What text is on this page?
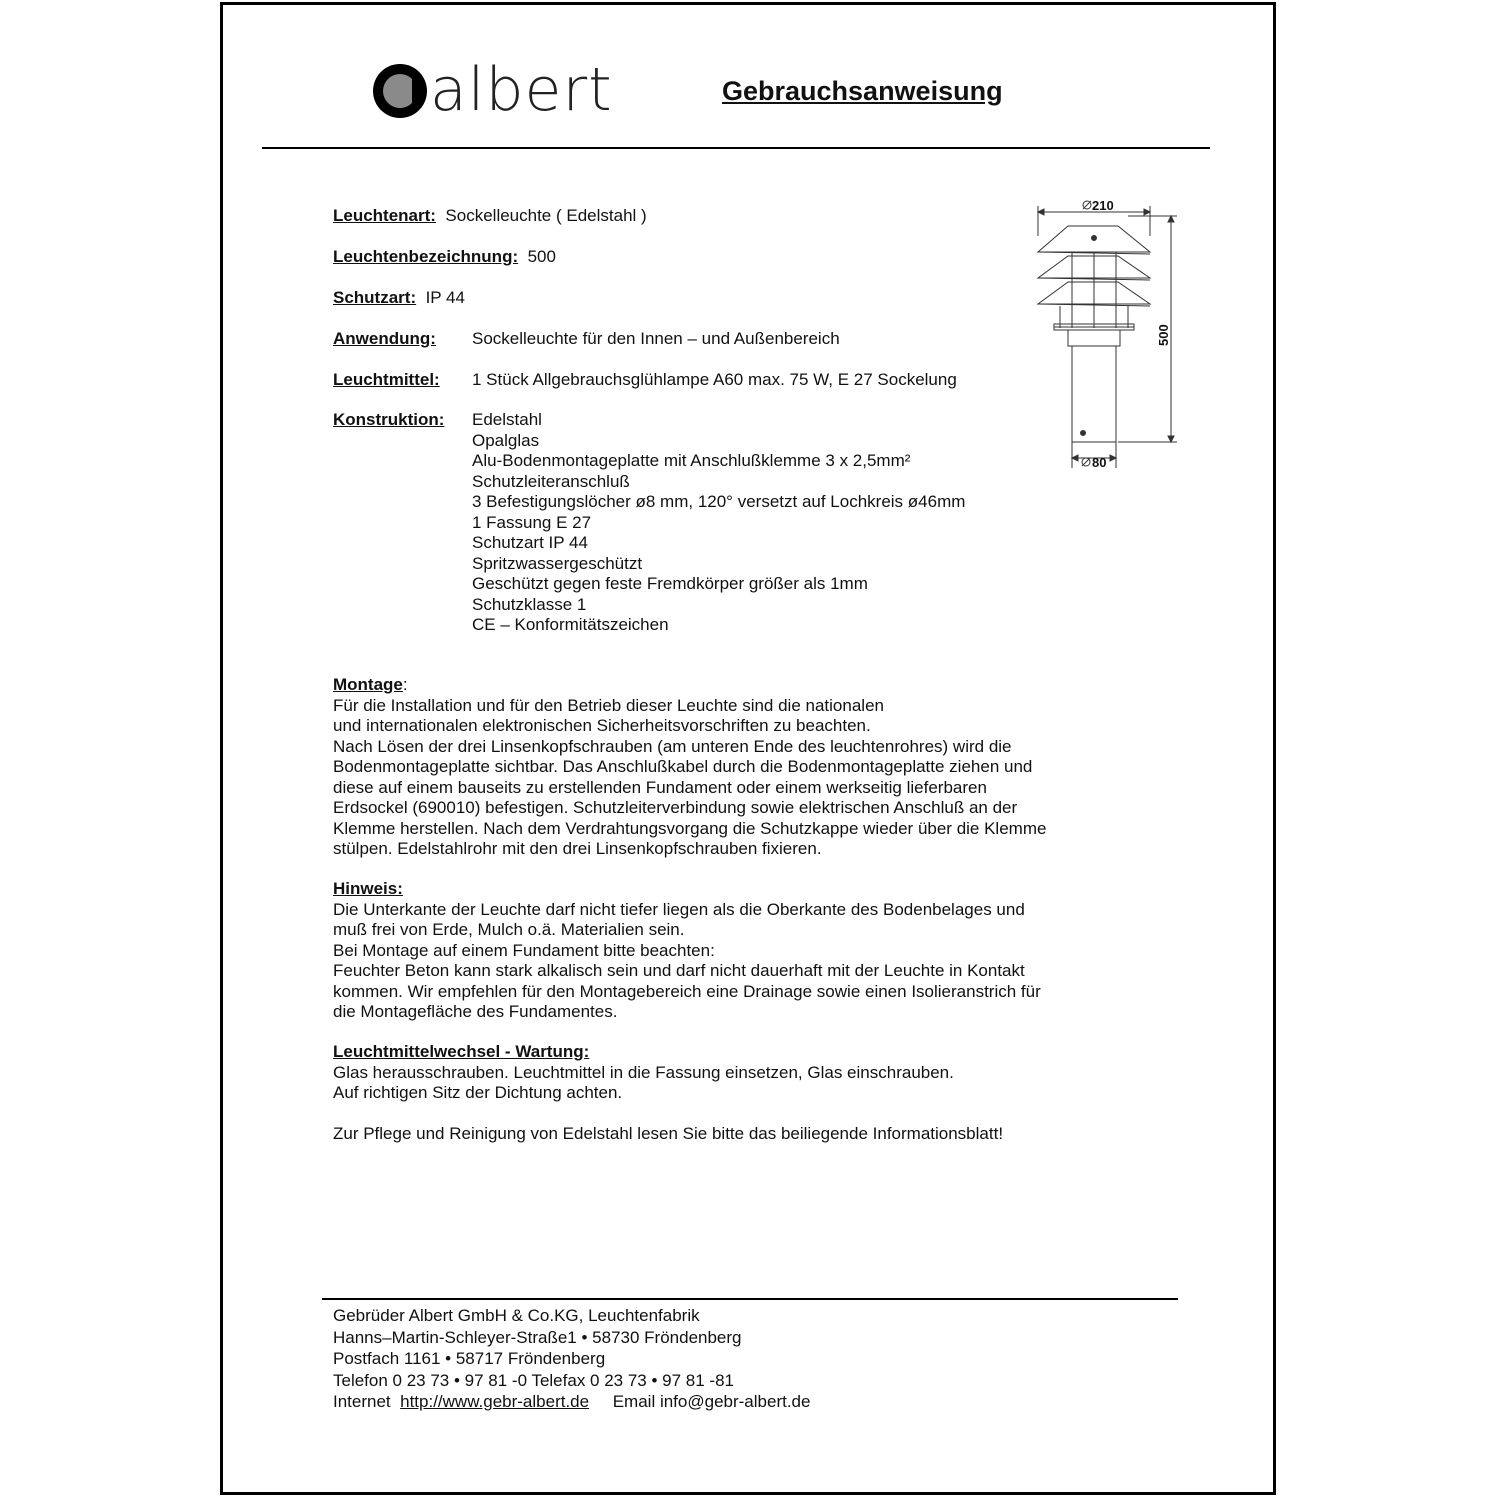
albert	Gebrauchsanweisung
Leuchtenart: Sockelleuchte ( Edelstahl )
Leuchtenbezeichnung: 500
Schutzart: IP 44
Anwendung: Sockelleuchte für den Innen – und Außenbereich
Leuchtmittel: 1 Stück Allgebrauchsglühlampe A60 max. 75 W, E 27 Sockelung
Konstruktion: Edelstahl
Opalglas
Alu-Bodenmontageplatte mit Anschlußklemme 3 x 2,5mm²
Schutzleiteranschluß
3 Befestigungslöcher ø8 mm, 120° versetzt auf Lochkreis ø46mm
1 Fassung E 27
Schutzart IP 44
Spritzwassergeschützt
Geschützt gegen feste Fremdkörper größer als 1mm
Schutzklasse 1
CE – Konformitätszeichen
210
500
80
Montage:
Für die Installation und für den Betrieb dieser Leuchte sind die nationalen
und internationalen elektronischen Sicherheitsvorschriften zu beachten.
Nach Lösen der drei Linsenkopfschrauben (am unteren Ende des leuchtenrohres) wird die
Bodenmontageplatte sichtbar. Das Anschlußkabel durch die Bodenmontageplatte ziehen und
diese auf einem bauseits zu erstellenden Fundament oder einem werkseitig lieferbaren
Erdsockel (690010) befestigen. Schutzleiterverbindung sowie elektrischen Anschluß an der
Klemme herstellen. Nach dem Verdrahtungsvorgang die Schutzkappe wieder über die Klemme
stülpen. Edelstahlrohr mit den drei Linsenkopfschrauben fixieren.
Hinweis:
Die Unterkante der Leuchte darf nicht tiefer liegen als die Oberkante des Bodenbelages und
muß frei von Erde, Mulch o.ä. Materialien sein.
Bei Montage auf einem Fundament bitte beachten:
Feuchter Beton kann stark alkalisch sein und darf nicht dauerhaft mit der Leuchte in Kontakt
kommen. Wir empfehlen für den Montagebereich eine Drainage sowie einen Isolieranstrich für
die Montagefläche des Fundamentes.
Leuchtmittelwechsel - Wartung:
Glas herausschrauben. Leuchtmittel in die Fassung einsetzen, Glas einschrauben.
Auf richtigen Sitz der Dichtung achten.
Zur Pflege und Reinigung von Edelstahl lesen Sie bitte das beiliegende Informationsblatt!
Gebrüder Albert GmbH & Co.KG, Leuchtenfabrik
Hanns–Martin-Schleyer-Straße1 • 58730 Fröndenberg
Postfach 1161 • 58717 Fröndenberg
Telefon 0 23 73 • 97 81 -0 Telefax 0 23 73 • 97 81 -81
Internet http://www.gebr-albert.de Email info@gebr-albert.de
